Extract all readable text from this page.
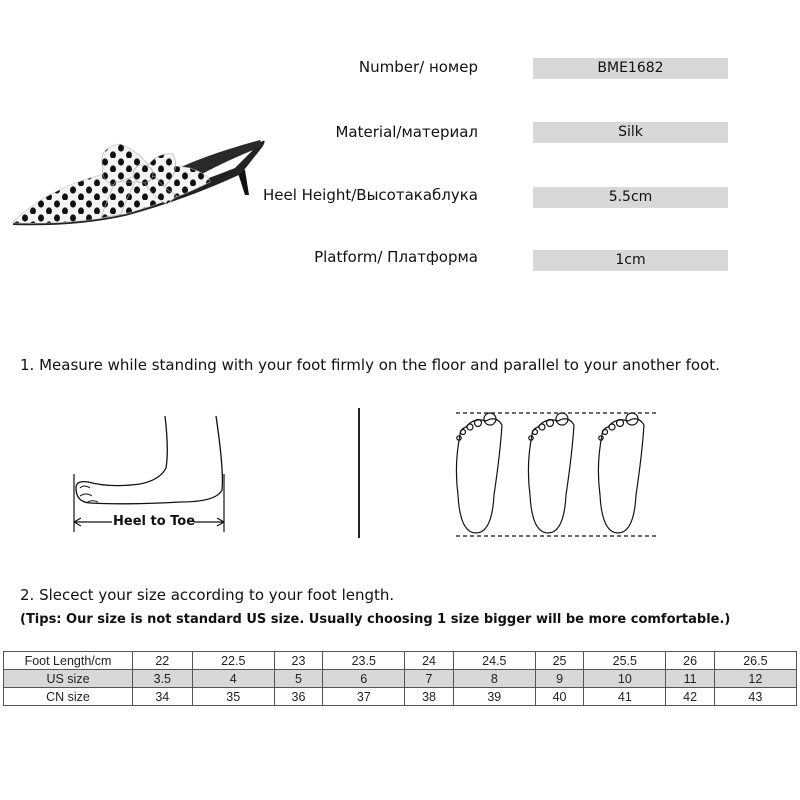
Number/ номер	BME1682
Material/материал	Silk
Heel Height/Высотакаблука	5.5cm
Platform/ Платформа	1cm
1. Measure while standing with your foot firmly on the floor and parallel to your another foot.
Heel to Toe
2. Slecect your size according to your foot length.
(Tips: Our size is not standard US size. Usually choosing 1 size bigger will be more comfortable.)
Foot Length/cm	22	22.5	23	23.5	24	24.5	25	25.5	26	26.5
US size	3.5	4	5	6	7	8	9	10	11	12
CN size	34	35	36	37	38	39	40	41	42	43
